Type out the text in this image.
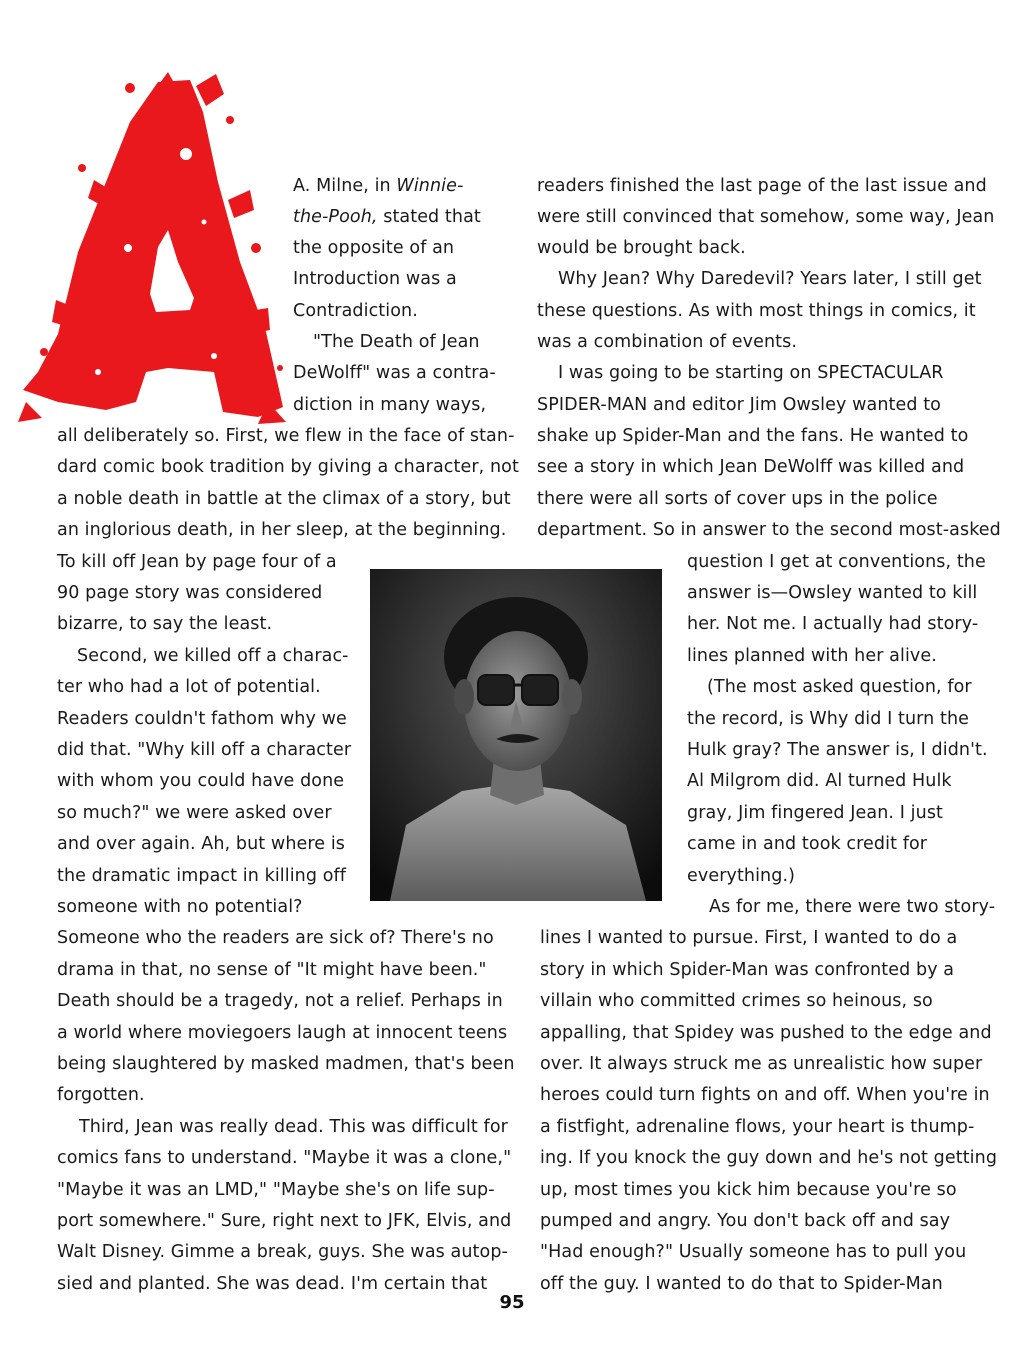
A. Milne, in Winnie-
the-Pooh, stated that
the opposite of an
Introduction was a
Contradiction.
"The Death of Jean
DeWolff" was a contra-
diction in many ways,
all deliberately so. First, we flew in the face of stan-
dard comic book tradition by giving a character, not
a noble death in battle at the climax of a story, but
an inglorious death, in her sleep, at the beginning.
To kill off Jean by page four of a
90 page story was considered
bizarre, to say the least.
Second, we killed off a charac-
ter who had a lot of potential.
Readers couldn't fathom why we
did that. "Why kill off a character
with whom you could have done
so much?" we were asked over
and over again. Ah, but where is
the dramatic impact in killing off
someone with no potential?
Someone who the readers are sick of? There's no
drama in that, no sense of "It might have been."
Death should be a tragedy, not a relief. Perhaps in
a world where moviegoers laugh at innocent teens
being slaughtered by masked madmen, that's been
forgotten.
Third, Jean was really dead. This was difficult for
comics fans to understand. "Maybe it was a clone,"
"Maybe it was an LMD," "Maybe she's on life sup-
port somewhere." Sure, right next to JFK, Elvis, and
Walt Disney. Gimme a break, guys. She was autop-
sied and planted. She was dead. I'm certain that
readers finished the last page of the last issue and
were still convinced that somehow, some way, Jean
would be brought back.
Why Jean? Why Daredevil? Years later, I still get
these questions. As with most things in comics, it
was a combination of events.
I was going to be starting on SPECTACULAR
SPIDER-MAN and editor Jim Owsley wanted to
shake up Spider-Man and the fans. He wanted to
see a story in which Jean DeWolff was killed and
there were all sorts of cover ups in the police
department. So in answer to the second most-asked
question I get at conventions, the
answer is—Owsley wanted to kill
her. Not me. I actually had story-
lines planned with her alive.
(The most asked question, for
the record, is Why did I turn the
Hulk gray? The answer is, I didn't.
Al Milgrom did. Al turned Hulk
gray, Jim fingered Jean. I just
came in and took credit for
everything.)
As for me, there were two story-
lines I wanted to pursue. First, I wanted to do a
story in which Spider-Man was confronted by a
villain who committed crimes so heinous, so
appalling, that Spidey was pushed to the edge and
over. It always struck me as unrealistic how super
heroes could turn fights on and off. When you're in
a fistfight, adrenaline flows, your heart is thump-
ing. If you knock the guy down and he's not getting
up, most times you kick him because you're so
pumped and angry. You don't back off and say
"Had enough?" Usually someone has to pull you
off the guy. I wanted to do that to Spider-Man
95
